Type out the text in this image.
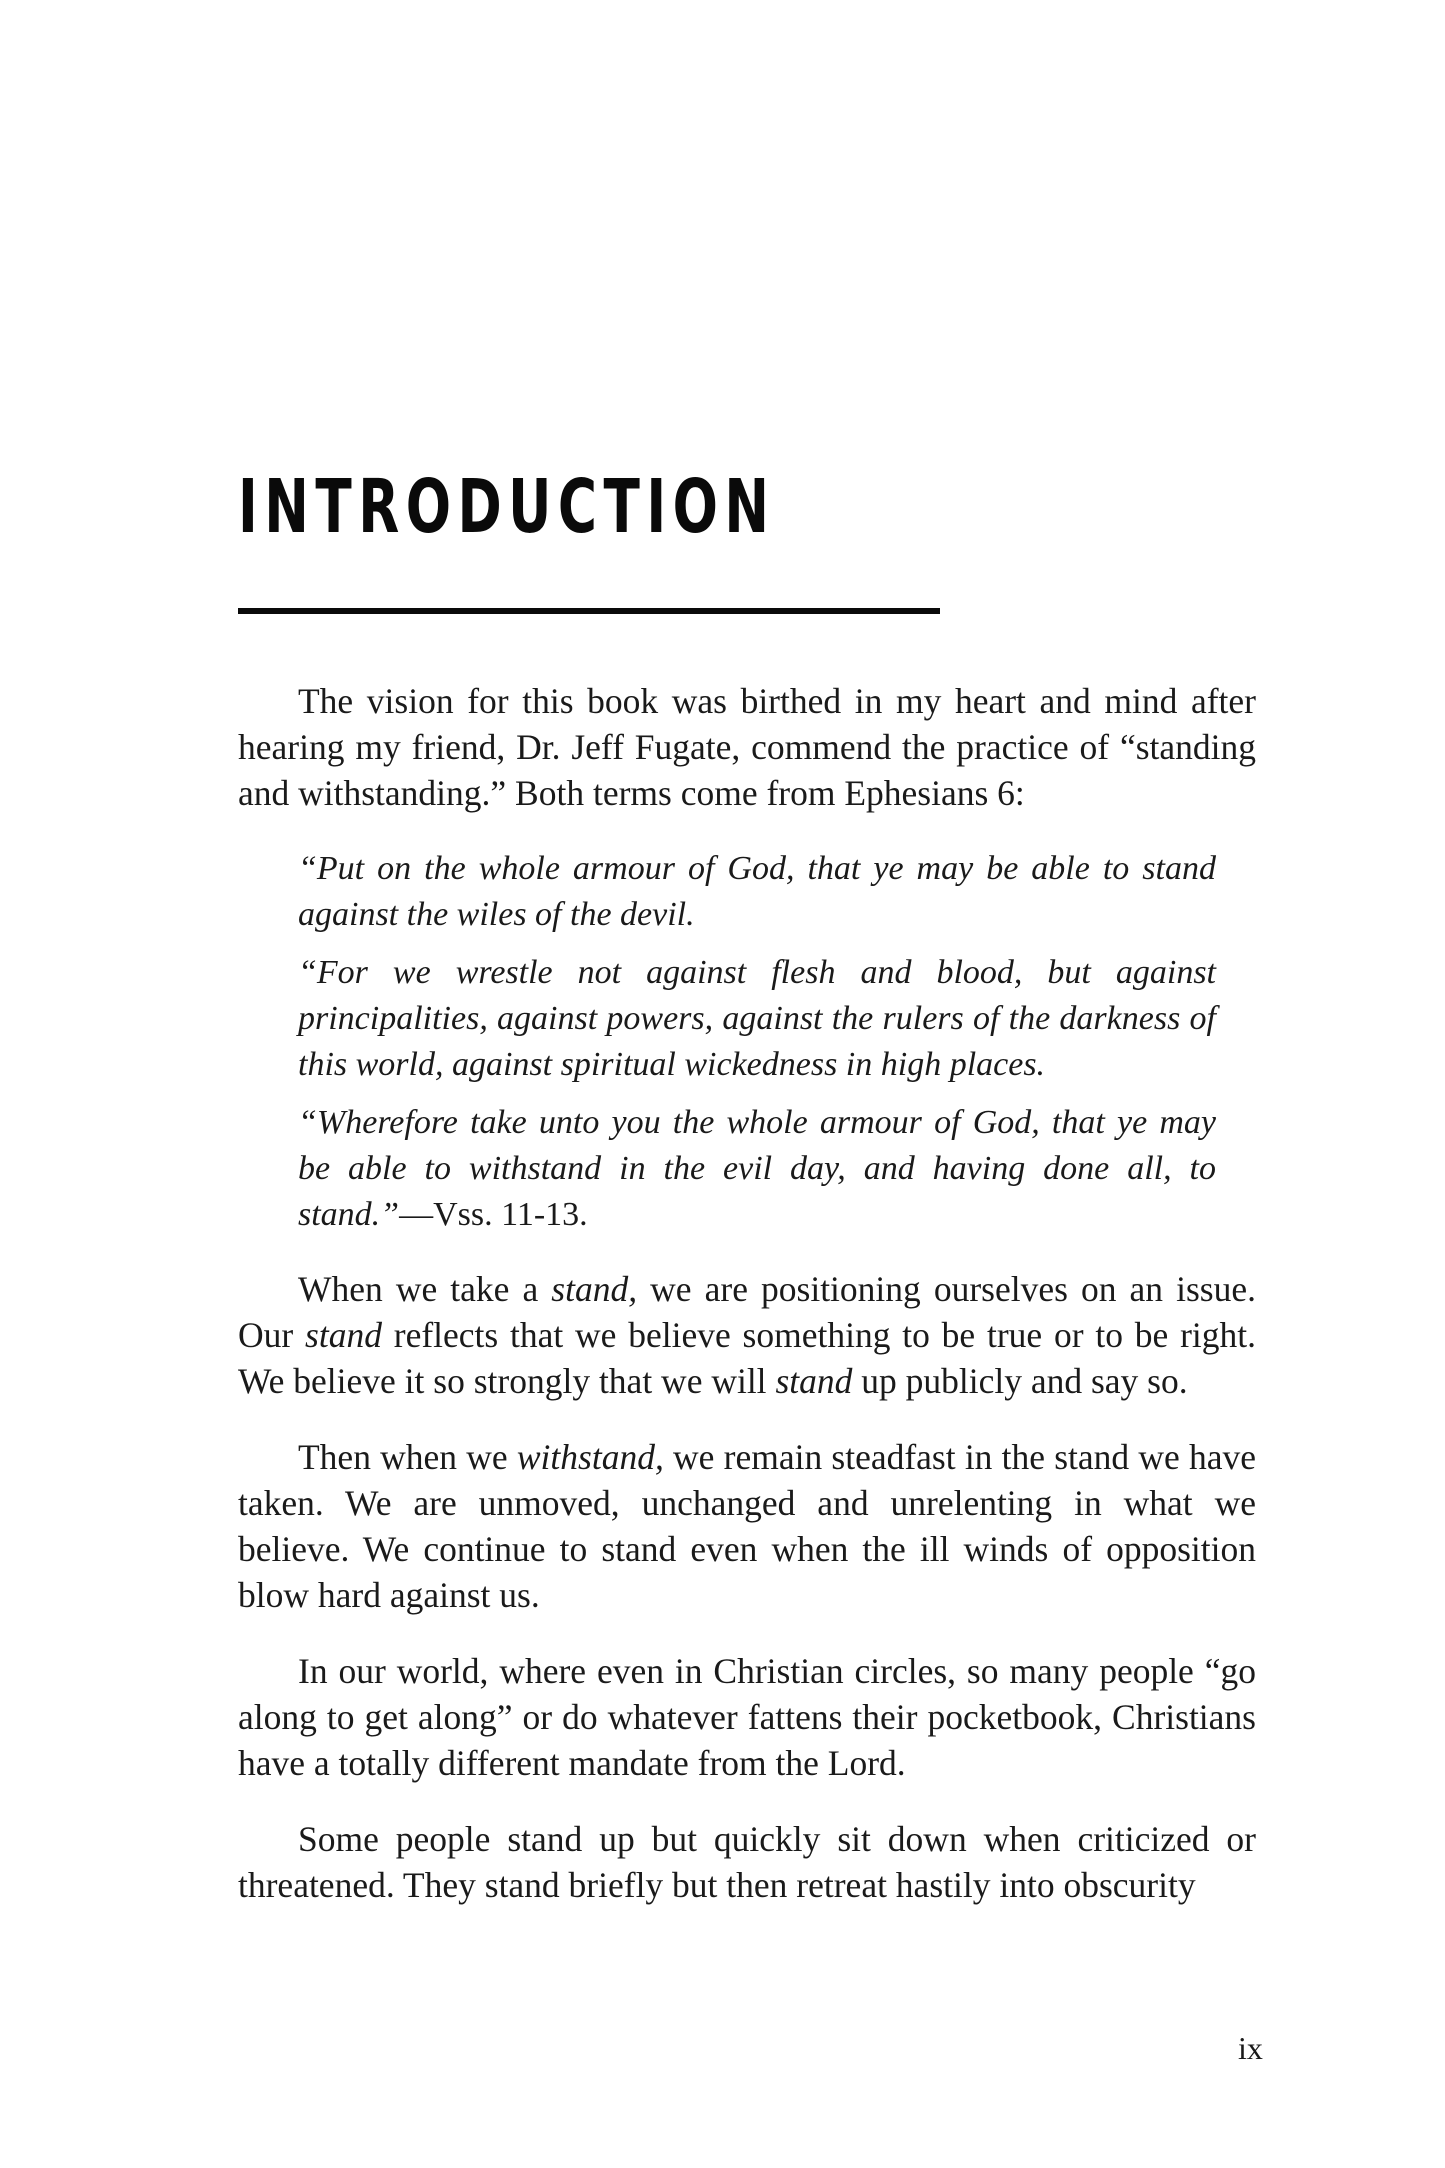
INTRODUCTION

The vision for this book was birthed in my heart and mind after hearing my friend, Dr. Jeff Fugate, commend the practice of “standing and withstanding.” Both terms come from Ephesians 6:

“Put on the whole armour of God, that ye may be able to stand against the wiles of the devil.

“For we wrestle not against flesh and blood, but against principalities, against powers, against the rulers of the darkness of this world, against spiritual wickedness in high places.

“Wherefore take unto you the whole armour of God, that ye may be able to withstand in the evil day, and having done all, to stand.”—Vss. 11-13.

When we take a stand, we are positioning ourselves on an issue. Our stand reflects that we believe something to be true or to be right. We believe it so strongly that we will stand up publicly and say so.

Then when we withstand, we remain steadfast in the stand we have taken. We are unmoved, unchanged and unrelenting in what we believe. We continue to stand even when the ill winds of opposition blow hard against us.

In our world, where even in Christian circles, so many people “go along to get along” or do whatever fattens their pocketbook, Christians have a totally different mandate from the Lord.

Some people stand up but quickly sit down when criticized or threatened. They stand briefly but then retreat hastily into obscurity

ix
